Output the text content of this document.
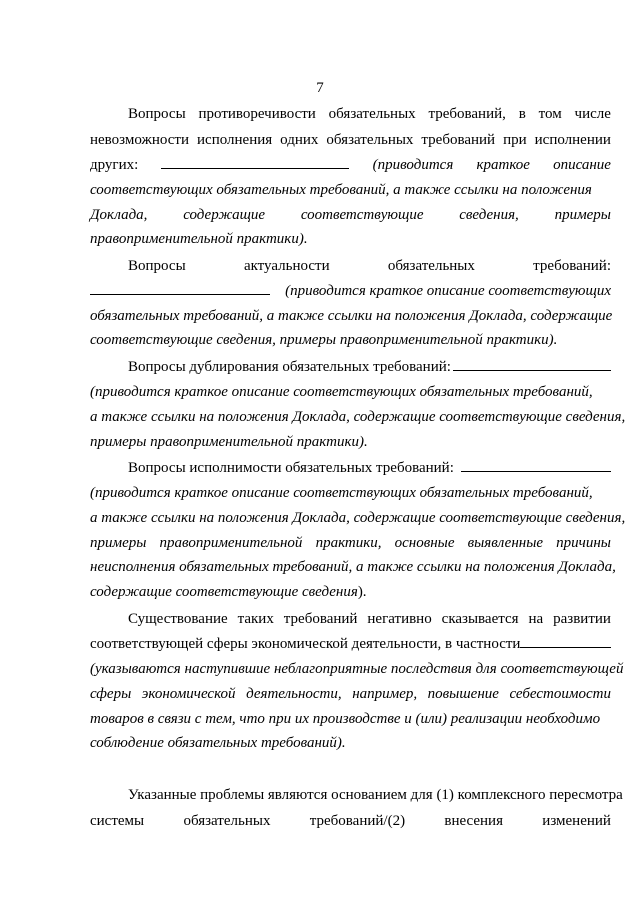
7
Вопросы противоречивости обязательных требований, в том числе
невозможности исполнения одних обязательных требований при исполнении
других:	(приводится краткое описание
соответствующих обязательных требований, а также ссылки на положения
Доклада, содержащие соответствующие сведения, примеры
правоприменительной практики).
Вопросы	актуальности	обязательных	требований:
(приводится краткое описание соответствующих
обязательных требований, а также ссылки на положения Доклада, содержащие
соответствующие сведения, примеры правоприменительной практики).
Вопросы дублирования обязательных требований:
(приводится краткое описание соответствующих обязательных требований,
а также ссылки на положения Доклада, содержащие соответствующие сведения,
примеры правоприменительной практики).
Вопросы исполнимости обязательных требований:
(приводится краткое описание соответствующих обязательных требований,
а также ссылки на положения Доклада, содержащие соответствующие сведения,
примеры правоприменительной практики, основные выявленные причины
неисполнения обязательных требований, а также ссылки на положения Доклада,
содержащие соответствующие сведения).
Существование таких требований негативно сказывается на развитии
соответствующей сферы экономической деятельности, в частности
(указываются наступившие неблагоприятные последствия для соответствующей
сферы экономической деятельности, например, повышение себестоимости
товаров в связи с тем, что при их производстве и (или) реализации необходимо
соблюдение обязательных требований).
Указанные проблемы являются основанием для (1) комплексного пересмотра
системы	обязательных	требований/(2)	внесения	изменений
